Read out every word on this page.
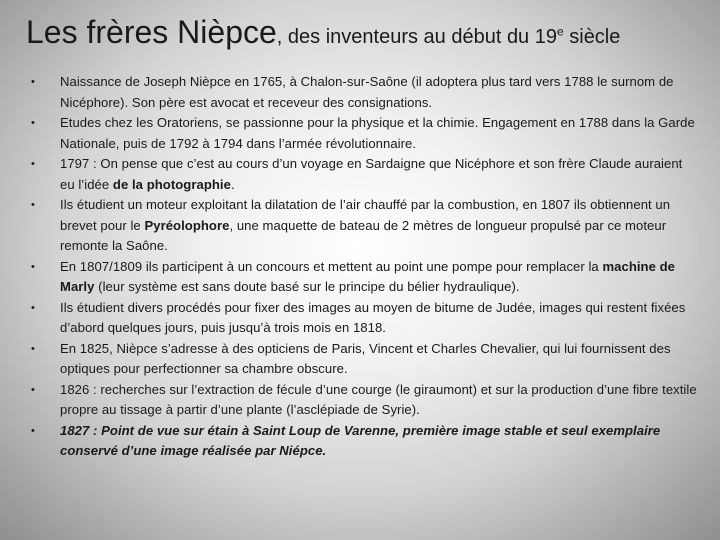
Les frères Nièpce, des inventeurs au début du 19e siècle
• Naissance de Joseph Nièpce en 1765, à Chalon-sur-Saône (il adoptera plus tard vers 1788 le surnom de Nicéphore). Son père est avocat et receveur des consignations.
• Etudes chez les Oratoriens, se passionne pour la physique et la chimie. Engagement en 1788 dans la Garde Nationale, puis de 1792 à 1794 dans l’armée révolutionnaire.
• 1797 : On pense que c’est au cours d’un voyage en Sardaigne que Nicéphore et son frère Claude auraient eu l’idée de la photographie.
• Ils étudient un moteur exploitant la dilatation de l’air chauffé par la combustion, en 1807 ils obtiennent un brevet pour le Pyréolophore, une maquette de bateau de 2 mètres de longueur propulsé par ce moteur remonte la Saône.
• En 1807/1809 ils participent à un concours et mettent au point une pompe pour remplacer la machine de Marly (leur système est sans doute basé sur le principe du bélier hydraulique).
• Ils étudient divers procédés pour fixer des images au moyen de bitume de Judée, images qui restent fixées d’abord quelques jours, puis jusqu’à trois mois en 1818.
• En 1825, Nièpce s’adresse à des opticiens de Paris, Vincent et Charles Chevalier, qui lui fournissent des optiques pour perfectionner sa chambre obscure.
• 1826 : recherches sur l’extraction de fécule d’une courge (le giraumont) et sur la production d’une fibre textile propre au tissage à partir d’une plante (l’asclépiade de Syrie).
• 1827 : Point de vue sur étain à Saint Loup de Varenne, première image stable et seul exemplaire conservé d’une image réalisée par Niépce.
